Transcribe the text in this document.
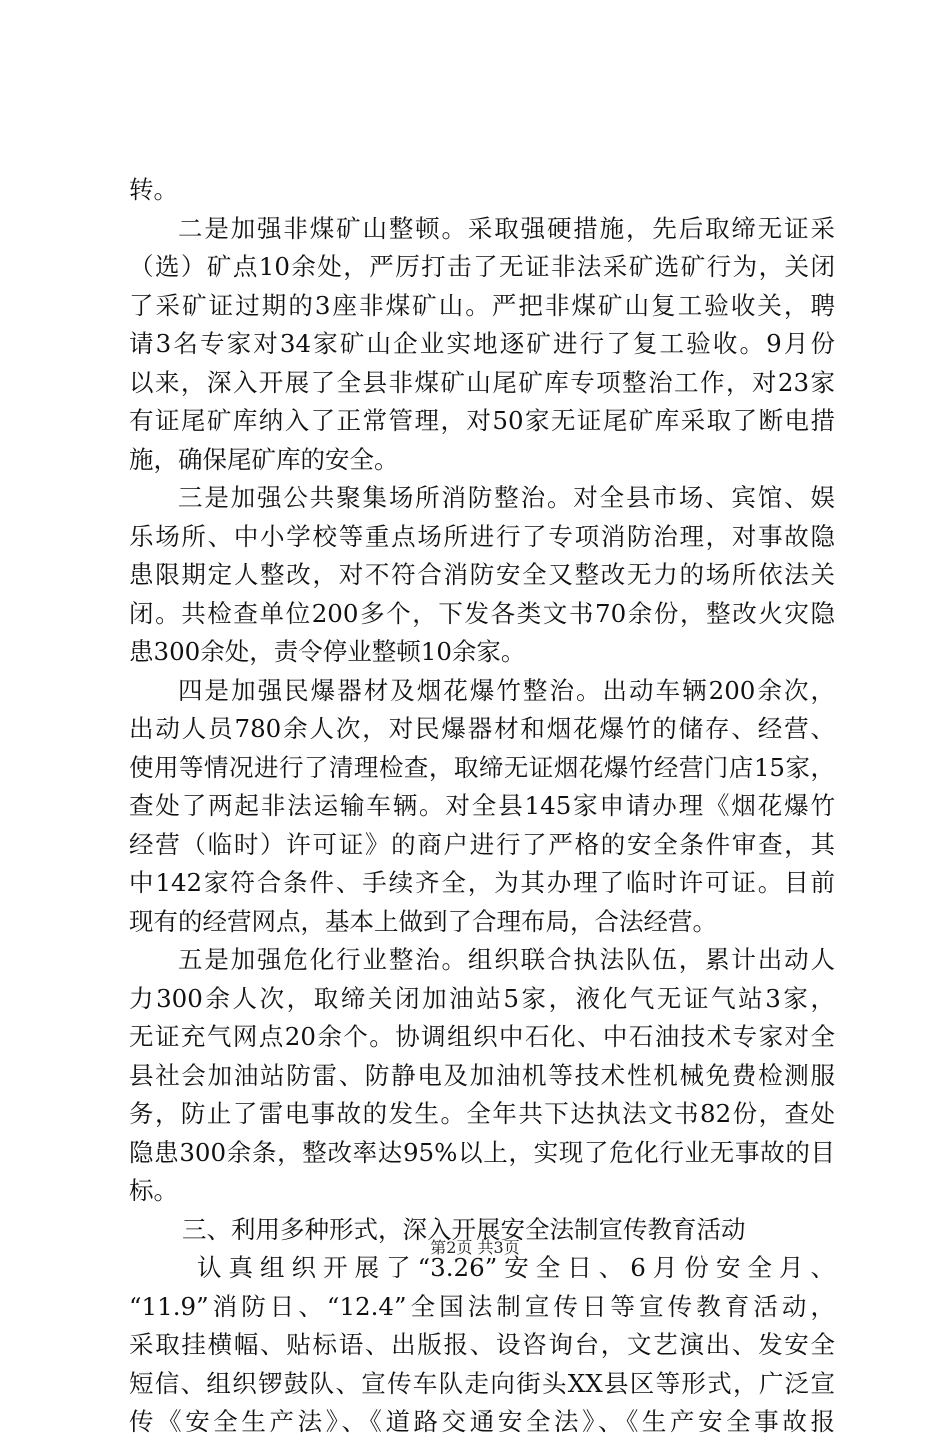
转。
二是加强非煤矿山整顿。采取强硬措施，先后取缔无证采
（选）矿点10余处，严厉打击了无证非法采矿选矿行为，关闭
了采矿证过期的3座非煤矿山。严把非煤矿山复工验收关，聘
请3名专家对34家矿山企业实地逐矿进行了复工验收。9月份
以来，深入开展了全县非煤矿山尾矿库专项整治工作，对23家
有证尾矿库纳入了正常管理，对50家无证尾矿库采取了断电措
施，确保尾矿库的安全。
三是加强公共聚集场所消防整治。对全县市场、宾馆、娱
乐场所、中小学校等重点场所进行了专项消防治理，对事故隐
患限期定人整改，对不符合消防安全又整改无力的场所依法关
闭。共检查单位200多个，下发各类文书70余份，整改火灾隐
患300余处，责令停业整顿10余家。
四是加强民爆器材及烟花爆竹整治。出动车辆200余次，
出动人员780余人次，对民爆器材和烟花爆竹的储存、经营、
使用等情况进行了清理检查，取缔无证烟花爆竹经营门店15家，
查处了两起非法运输车辆。对全县145家申请办理《烟花爆竹
经营（临时）许可证》的商户进行了严格的安全条件审查，其
中142家符合条件、手续齐全，为其办理了临时许可证。目前
现有的经营网点，基本上做到了合理布局，合法经营。
五是加强危化行业整治。组织联合执法队伍，累计出动人
力300余人次，取缔关闭加油站5家，液化气无证气站3家，
无证充气网点20余个。协调组织中石化、中石油技术专家对全
县社会加油站防雷、防静电及加油机等技术性机械免费检测服
务，防止了雷电事故的发生。全年共下达执法文书82份，查处
隐患300余条，整改率达95%以上，实现了危化行业无事故的目
标。
三、利用多种形式，深入开展安全法制宣传教育活动
认真组织开展了“3.26”安全日、6月份安全月、
“11.9”消防日、“12.4”全国法制宣传日等宣传教育活动，
采取挂横幅、贴标语、出版报、设咨询台，文艺演出、发安全
短信、组织锣鼓队、宣传车队走向街头XX县区等形式，广泛宣
传《安全生产法》、《道路交通安全法》、《生产安全事故报
第2页 共3页
